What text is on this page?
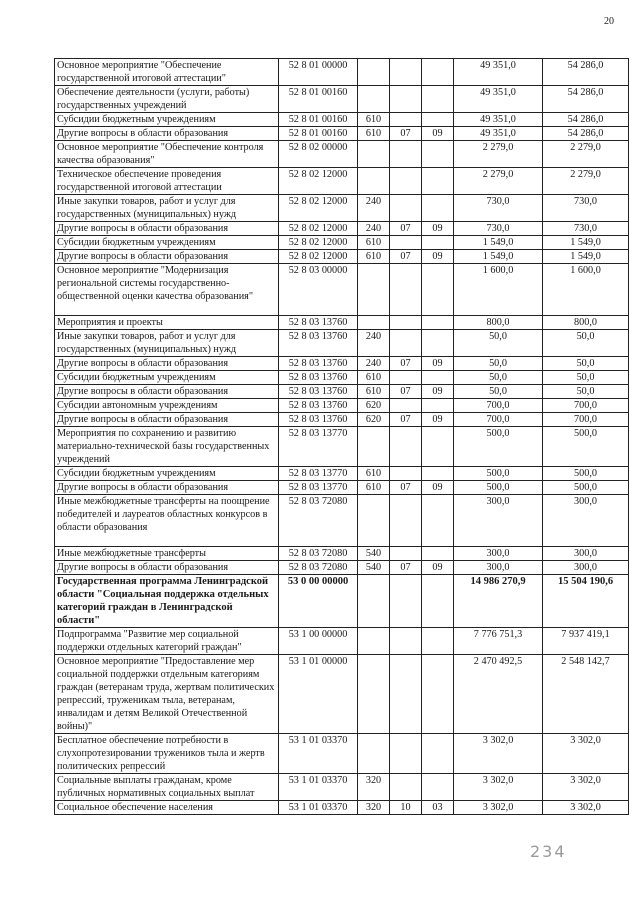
20
Основное мероприятие "Обеспечение государственной итоговой аттестации"	52 8 01 00000				49 351,0	54 286,0
Обеспечение деятельности (услуги, работы) государственных учреждений	52 8 01 00160				49 351,0	54 286,0
Субсидии бюджетным учреждениям	52 8 01 00160	610			49 351,0	54 286,0
Другие вопросы в области образования	52 8 01 00160	610	07	09	49 351,0	54 286,0
Основное мероприятие "Обеспечение контроля качества образования"	52 8 02 00000				2 279,0	2 279,0
Техническое обеспечение проведения государственной итоговой аттестации	52 8 02 12000				2 279,0	2 279,0
Иные закупки товаров, работ и услуг для государственных (муниципальных) нужд	52 8 02 12000	240			730,0	730,0
Другие вопросы в области образования	52 8 02 12000	240	07	09	730,0	730,0
Субсидии бюджетным учреждениям	52 8 02 12000	610			1 549,0	1 549,0
Другие вопросы в области образования	52 8 02 12000	610	07	09	1 549,0	1 549,0
Основное мероприятие "Модернизация региональной системы государственно-общественной оценки качества образования"	52 8 03 00000				1 600,0	1 600,0
Мероприятия и проекты	52 8 03 13760				800,0	800,0
Иные закупки товаров, работ и услуг для государственных (муниципальных) нужд	52 8 03 13760	240			50,0	50,0
Другие вопросы в области образования	52 8 03 13760	240	07	09	50,0	50,0
Субсидии бюджетным учреждениям	52 8 03 13760	610			50,0	50,0
Другие вопросы в области образования	52 8 03 13760	610	07	09	50,0	50,0
Субсидии автономным учреждениям	52 8 03 13760	620			700,0	700,0
Другие вопросы в области образования	52 8 03 13760	620	07	09	700,0	700,0
Мероприятия по сохранению и развитию материально-технической базы государственных учреждений	52 8 03 13770				500,0	500,0
Субсидии бюджетным учреждениям	52 8 03 13770	610			500,0	500,0
Другие вопросы в области образования	52 8 03 13770	610	07	09	500,0	500,0
Иные межбюджетные трансферты на поощрение победителей и лауреатов областных конкурсов в области образования	52 8 03 72080				300,0	300,0
Иные межбюджетные трансферты	52 8 03 72080	540			300,0	300,0
Другие вопросы в области образования	52 8 03 72080	540	07	09	300,0	300,0
Государственная программа Ленинградской области "Социальная поддержка отдельных категорий граждан в Ленинградской области"	53 0 00 00000				14 986 270,9	15 504 190,6
Подпрограмма "Развитие мер социальной поддержки отдельных категорий граждан"	53 1 00 00000				7 776 751,3	7 937 419,1
Основное мероприятие "Предоставление мер социальной поддержки отдельным категориям граждан (ветеранам труда, жертвам политических репрессий, труженикам тыла, ветеранам, инвалидам и детям Великой Отечественной войны)"	53 1 01 00000				2 470 492,5	2 548 142,7
Бесплатное обеспечение потребности в слухопротезировании тружеников тыла и жертв политических репрессий	53 1 01 03370				3 302,0	3 302,0
Социальные выплаты гражданам, кроме публичных нормативных социальных выплат	53 1 01 03370	320			3 302,0	3 302,0
Социальное обеспечение населения	53 1 01 03370	320	10	03	3 302,0	3 302,0
234
